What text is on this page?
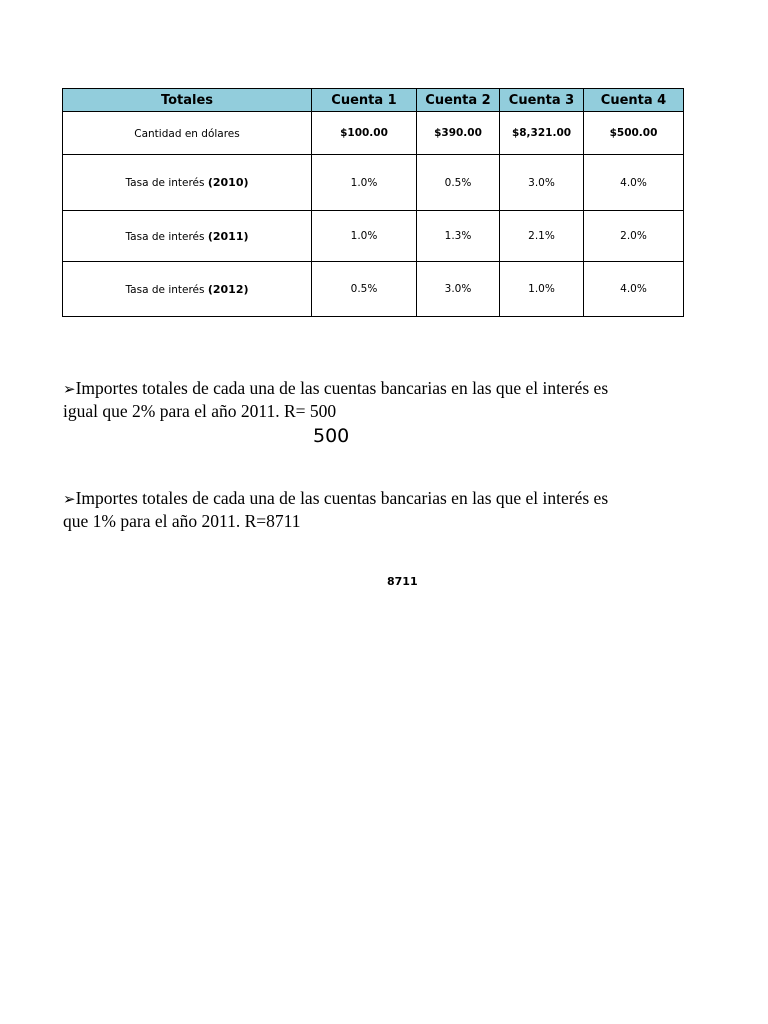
Totales	Cuenta 1	Cuenta 2	Cuenta 3	Cuenta 4
Cantidad en dólares	$100.00	$390.00	$8,321.00	$500.00
Tasa de interés (2010)	1.0%	0.5%	3.0%	4.0%
Tasa de interés (2011)	1.0%	1.3%	2.1%	2.0%
Tasa de interés (2012)	0.5%	3.0%	1.0%	4.0%
➢Importes totales de cada una de las cuentas bancarias en las que el interés es
igual que 2% para el año 2011. R= 500
500
➢Importes totales de cada una de las cuentas bancarias en las que el interés es
que 1% para el año 2011. R=8711
8711
